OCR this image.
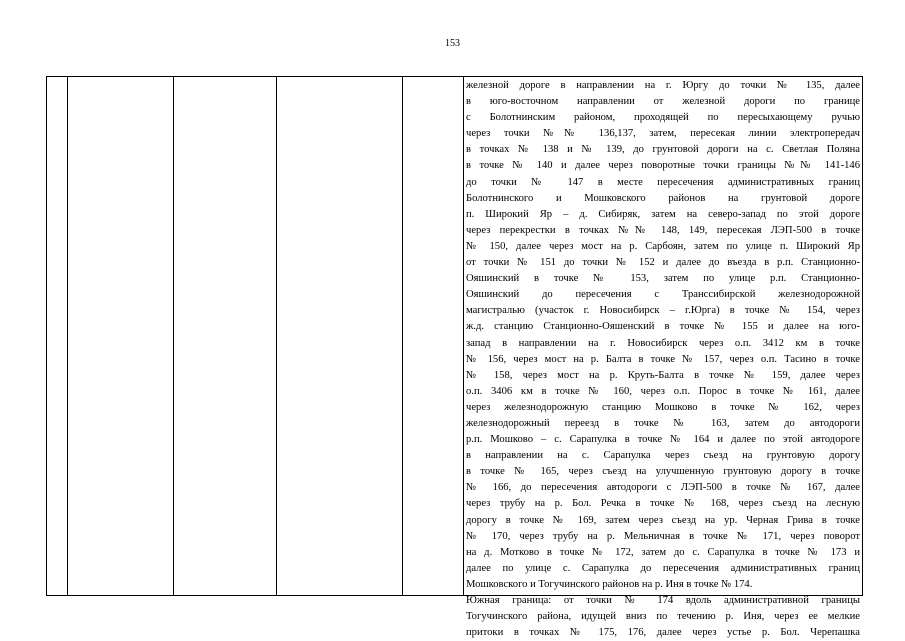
153
железной дороге в направлении на г. Юргу до точки № 135, далее
в юго-восточном направлении от железной дороги по границе
с Болотнинским районом, проходящей по пересыхающему ручью
через точки №№ 136,137, затем, пересекая линии электропередач
в точках № 138 и № 139, до грунтовой дороги на с. Светлая Поляна
в точке № 140 и далее через поворотные точки границы №№ 141-146
до точки № 147 в месте пересечения административных границ
Болотнинского и Мошковского районов на грунтовой дороге
п. Широкий Яр – д. Сибиряк, затем на северо-запад по этой дороге
через перекрестки в точках №№ 148, 149, пересекая ЛЭП-500 в точке
№ 150, далее через мост на р. Сарбоян, затем по улице п. Широкий Яр
от точки № 151 до точки № 152 и далее до въезда в р.п. Станционно-
Ояшинский в точке № 153, затем по улице р.п. Станционно-
Ояшинский до пересечения с Транссибирской железнодорожной
магистралью (участок г. Новосибирск – г.Юрга) в точке № 154, через
ж.д. станцию Станционно-Ояшенский в точке № 155 и далее на юго-
запад в направлении на г. Новосибирск через о.п. 3412 км в точке
№ 156, через мост на р. Балта в точке № 157, через о.п. Тасино в точке
№ 158, через мост на р. Круть-Балта в точке № 159, далее через
о.п. 3406 км в точке № 160, через о.п. Порос в точке № 161, далее
через железнодорожную станцию Мошково в точке № 162, через
железнодорожный переезд в точке № 163, затем до автодороги
р.п. Мошково – с. Сарапулка в точке № 164 и далее по этой автодороге
в направлении на с. Сарапулка через съезд на грунтовую дорогу
в точке № 165, через съезд на улучшенную грунтовую дорогу в точке
№ 166, до пересечения автодороги с ЛЭП-500 в точке № 167, далее
через трубу на р. Бол. Речка в точке № 168, через съезд на лесную
дорогу в точке № 169, затем через съезд на ур. Черная Грива в точке
№ 170, через трубу на р. Мельничная в точке № 171, через поворот
на д. Мотково в точке № 172, затем до с. Сарапулка в точке № 173 и
далее по улице с. Сарапулка до пересечения административных границ
Мошковского и Тогучинского районов на р. Иня в точке № 174.
Южная граница: от точки № 174 вдоль административной границы
Тогучинского района, идущей вниз по течению р. Иня, через ее мелкие
притоки в точках № 175, 176, далее через устье р. Бол. Черепашка
